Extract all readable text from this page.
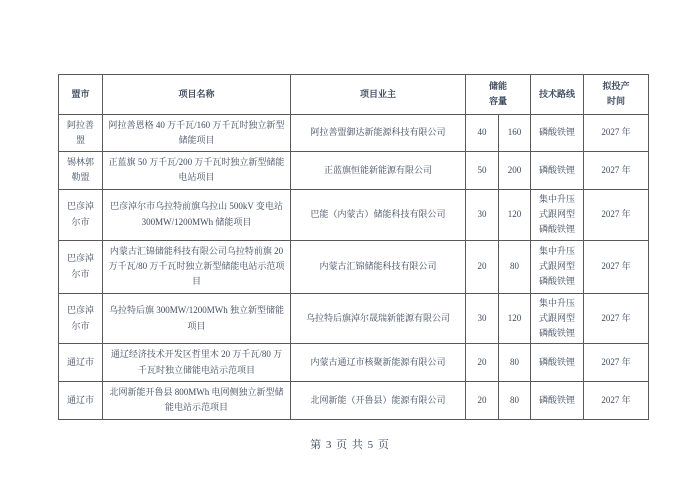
盟市	项目名称	项目业主	储能容量		技术路线	拟投产时间
阿拉善盟	阿拉善恩格 40 万千瓦/160 万千瓦时独立新型储能项目	阿拉善盟御达新能源科技有限公司	40	160	磷酸铁锂	2027 年
锡林郭勒盟	正蓝旗 50 万千瓦/200 万千瓦时独立新型储能电站项目	正蓝旗恒能新能源有限公司	50	200	磷酸铁锂	2027 年
巴彦淖尔市	巴彦淖尔市乌拉特前旗乌拉山 500kV 变电站 300MW/1200MWh 储能项目	巴能（内蒙古）储能科技有限公司	30	120	集中升压式跟网型磷酸铁锂	2027 年
巴彦淖尔市	内蒙古汇锦储能科技有限公司乌拉特前旗 20 万千瓦/80 万千瓦时独立新型储能电站示范项目	内蒙古汇锦储能科技有限公司	20	80	集中升压式跟网型磷酸铁锂	2027 年
巴彦淖尔市	乌拉特后旗 300MW/1200MWh 独立新型储能项目	乌拉特后旗淖尔晟瑞新能源有限公司	30	120	集中升压式跟网型磷酸铁锂	2027 年
通辽市	通辽经济技术开发区哲里木 20 万千瓦/80 万千瓦时独立储能电站示范项目	内蒙古通辽市核聚新能源有限公司	20	80	磷酸铁锂	2027 年
通辽市	北网新能开鲁县 800MWh 电网侧独立新型储能电站示范项目	北网新能（开鲁县）能源有限公司	20	80	磷酸铁锂	2027 年
第 3 页 共 5 页
